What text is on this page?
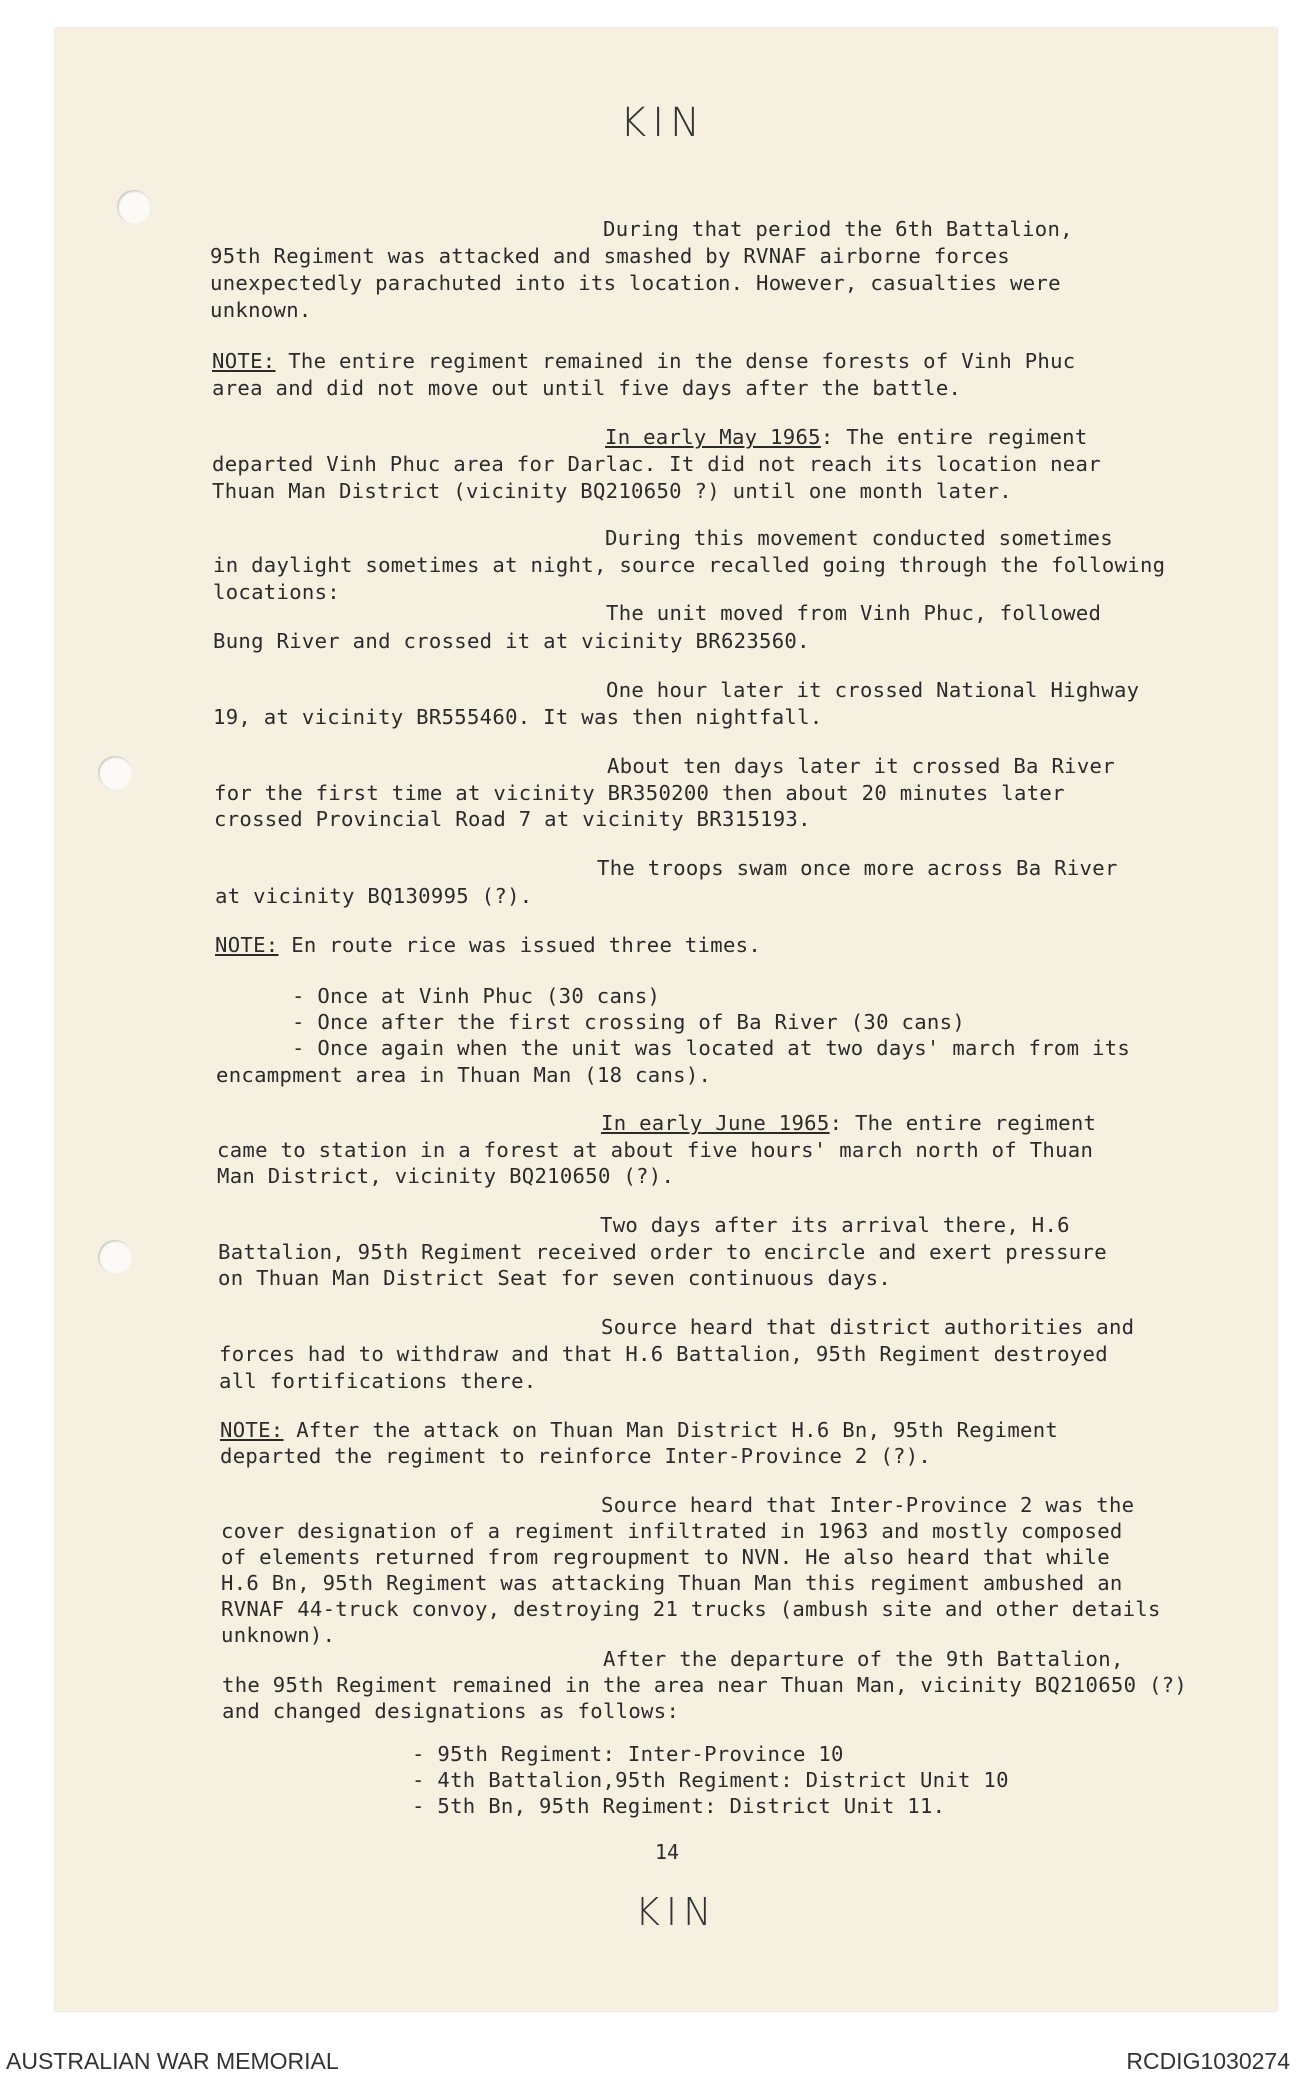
KIN
During that period the 6th Battalion,
95th Regiment was attacked and smashed by RVNAF airborne forces
unexpectedly parachuted into its location. However, casualties were
unknown.
NOTE: The entire regiment remained in the dense forests of Vinh Phuc
area and did not move out until five days after the battle.
In early May 1965: The entire regiment
departed Vinh Phuc area for Darlac. It did not reach its location near
Thuan Man District (vicinity BQ210650 ?) until one month later.
During this movement conducted sometimes
in daylight sometimes at night, source recalled going through the following
locations:
The unit moved from Vinh Phuc, followed
Bung River and crossed it at vicinity BR623560.
One hour later it crossed National Highway
19, at vicinity BR555460. It was then nightfall.
About ten days later it crossed Ba River
for the first time at vicinity BR350200 then about 20 minutes later
crossed Provincial Road 7 at vicinity BR315193.
The troops swam once more across Ba River
at vicinity BQ130995 (?).
NOTE: En route rice was issued three times.
- Once at Vinh Phuc (30 cans)
- Once after the first crossing of Ba River (30 cans)
- Once again when the unit was located at two days' march from its
encampment area in Thuan Man (18 cans).
In early June 1965: The entire regiment
came to station in a forest at about five hours' march north of Thuan
Man District, vicinity BQ210650 (?).
Two days after its arrival there, H.6
Battalion, 95th Regiment received order to encircle and exert pressure
on Thuan Man District Seat for seven continuous days.
Source heard that district authorities and
forces had to withdraw and that H.6 Battalion, 95th Regiment destroyed
all fortifications there.
NOTE: After the attack on Thuan Man District H.6 Bn, 95th Regiment
departed the regiment to reinforce Inter-Province 2 (?).
Source heard that Inter-Province 2 was the
cover designation of a regiment infiltrated in 1963 and mostly composed
of elements returned from regroupment to NVN. He also heard that while
H.6 Bn, 95th Regiment was attacking Thuan Man this regiment ambushed an
RVNAF 44-truck convoy, destroying 21 trucks (ambush site and other details
unknown).
After the departure of the 9th Battalion,
the 95th Regiment remained in the area near Thuan Man, vicinity BQ210650 (?)
and changed designations as follows:
- 95th Regiment: Inter-Province 10
- 4th Battalion,95th Regiment: District Unit 10
- 5th Bn, 95th Regiment: District Unit 11.
14
KIN
AUSTRALIAN WAR MEMORIAL	RCDIG1030274
